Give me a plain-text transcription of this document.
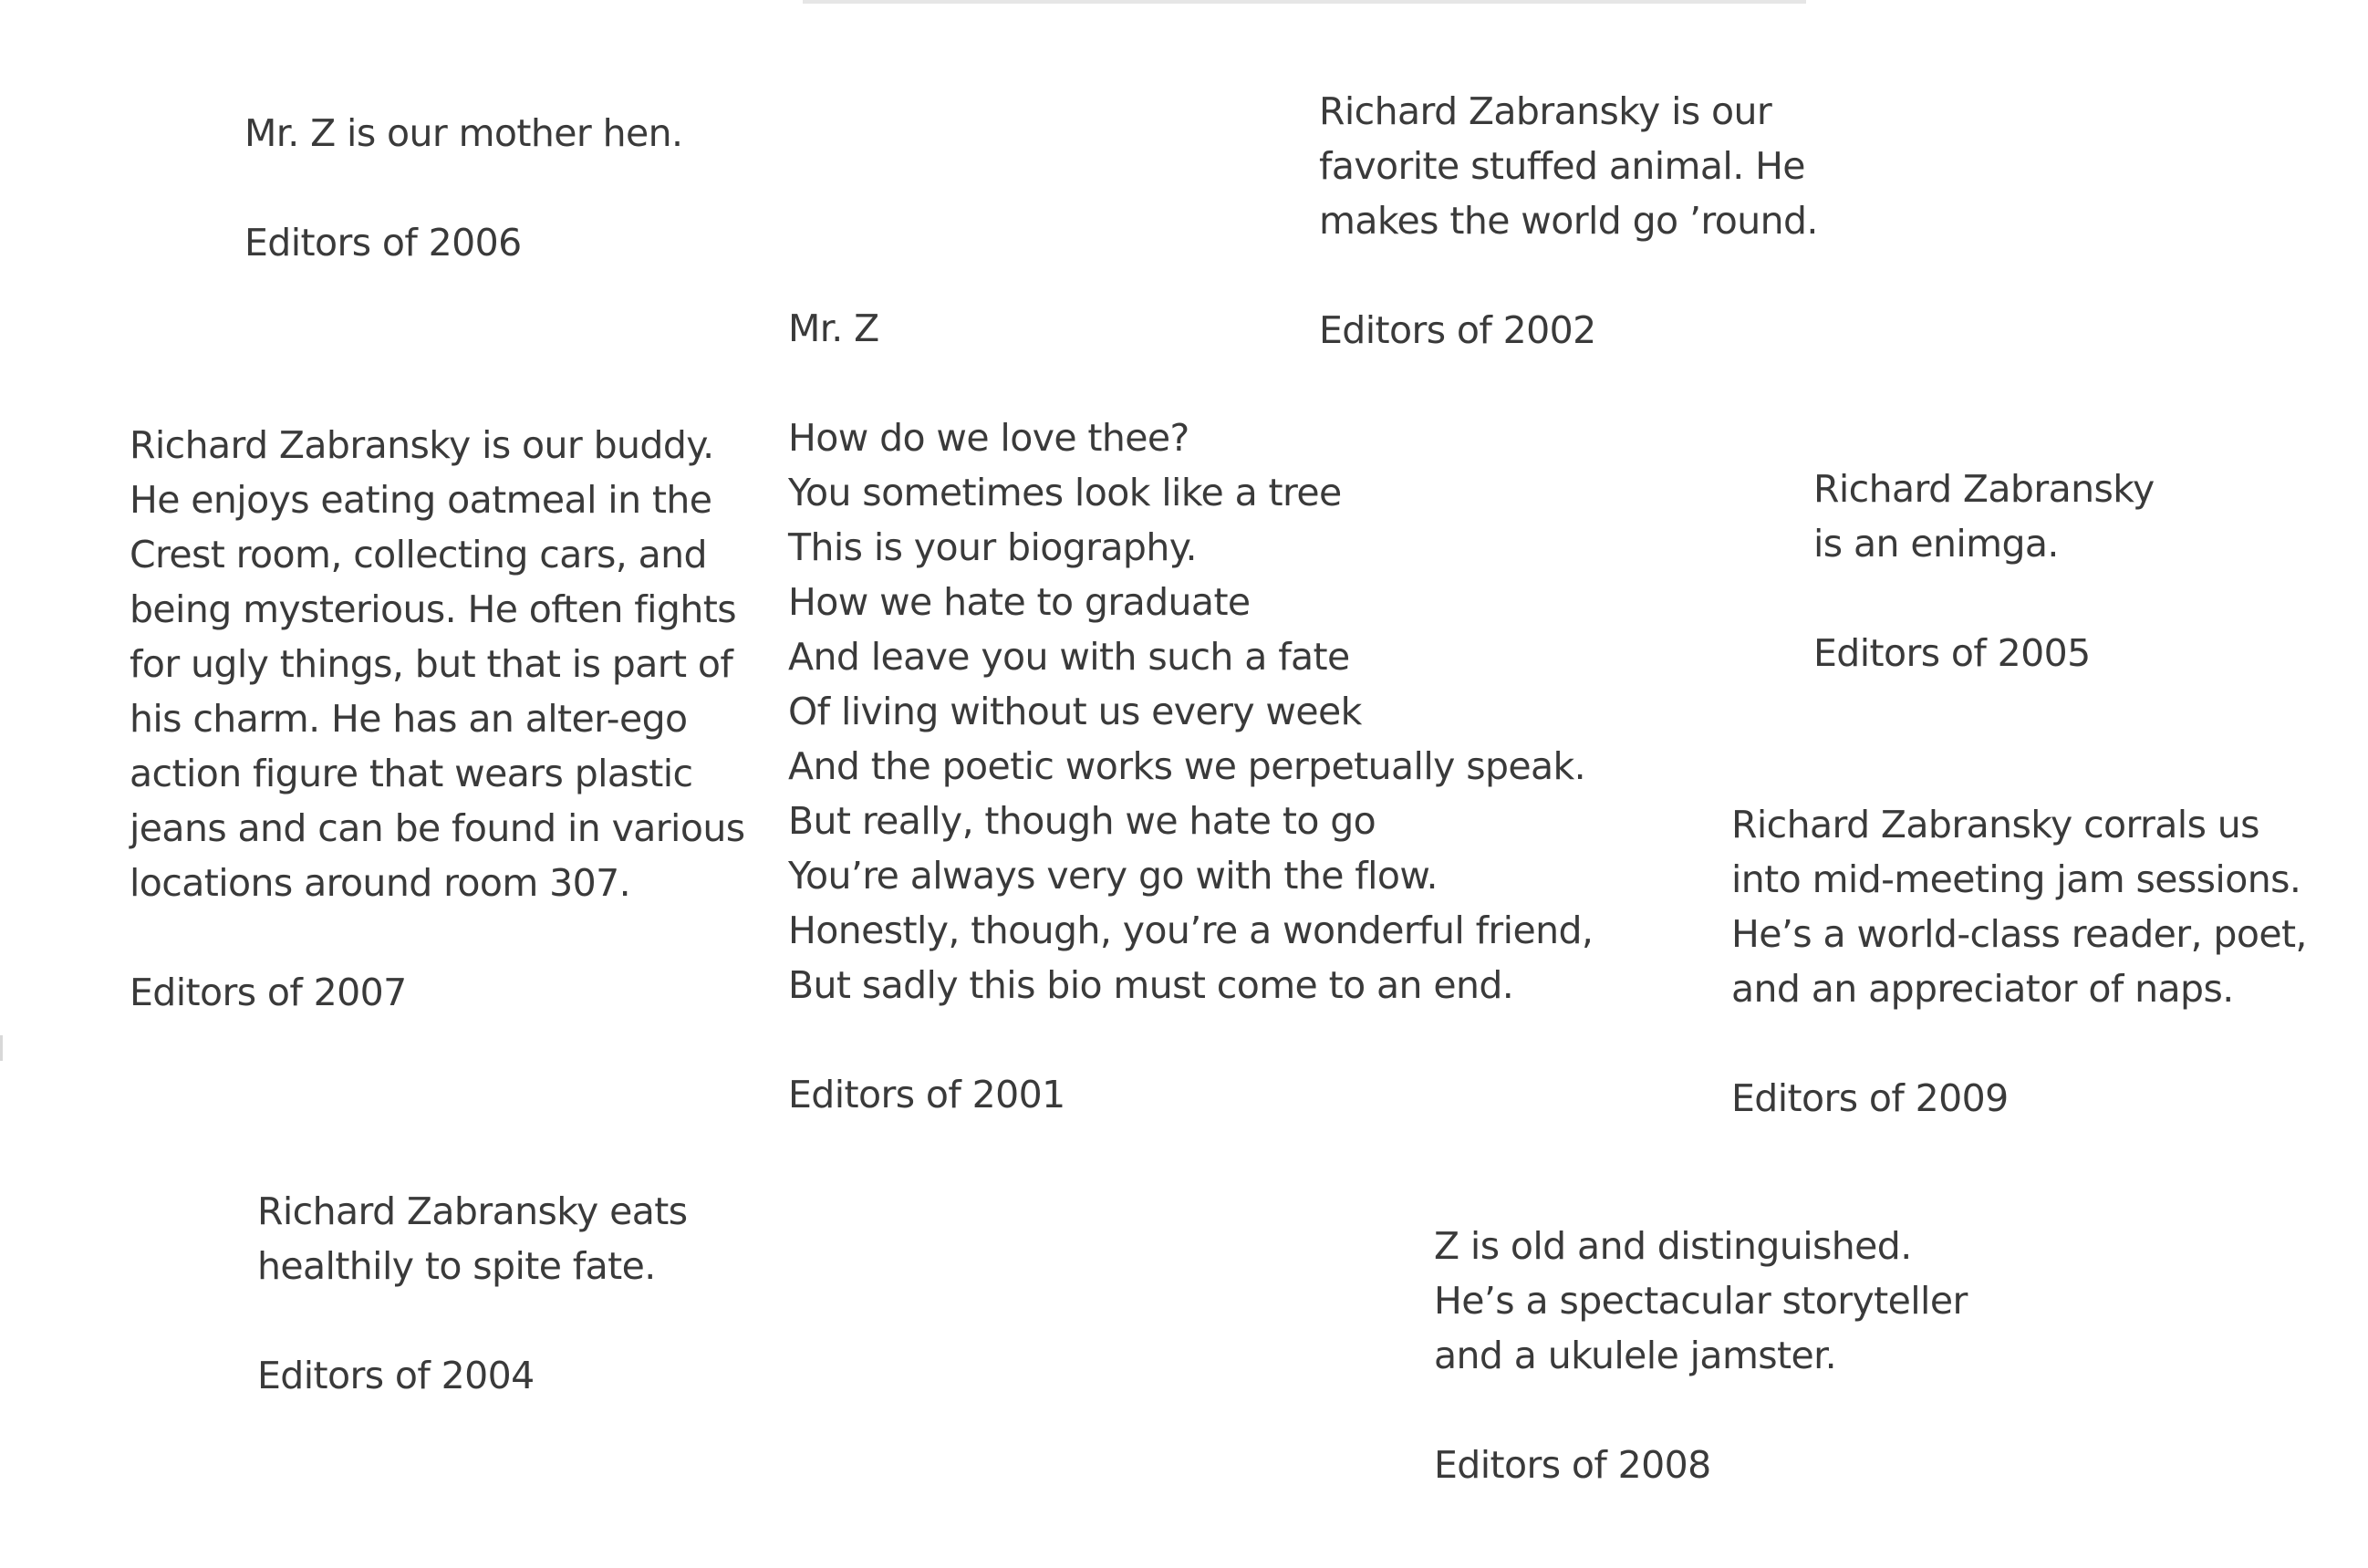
Mr. Z is our mother hen.
Editors of 2006
Richard Zabransky is our
favorite stuffed animal. He
makes the world go ’round.
Editors of 2002
Mr. Z
Richard Zabransky is our buddy.
He enjoys eating oatmeal in the
Crest room, collecting cars, and
being mysterious. He often fights
for ugly things, but that is part of
his charm. He has an alter-ego
action figure that wears plastic
jeans and can be found in various
locations around room 307.
Editors of 2007
How do we love thee?
You sometimes look like a tree
This is your biography.
How we hate to graduate
And leave you with such a fate
Of living without us every week
And the poetic works we perpetually speak.
But really, though we hate to go
You’re always very go with the flow.
Honestly, though, you’re a wonderful friend,
But sadly this bio must come to an end.
Editors of 2001
Richard Zabransky
is an enimga.
Editors of 2005
Richard Zabransky corrals us
into mid-meeting jam sessions.
He’s a world-class reader, poet,
and an appreciator of naps.
Editors of 2009
Richard Zabransky eats
healthily to spite fate.
Editors of 2004
Z is old and distinguished.
He’s a spectacular storyteller
and a ukulele jamster.
Editors of 2008
